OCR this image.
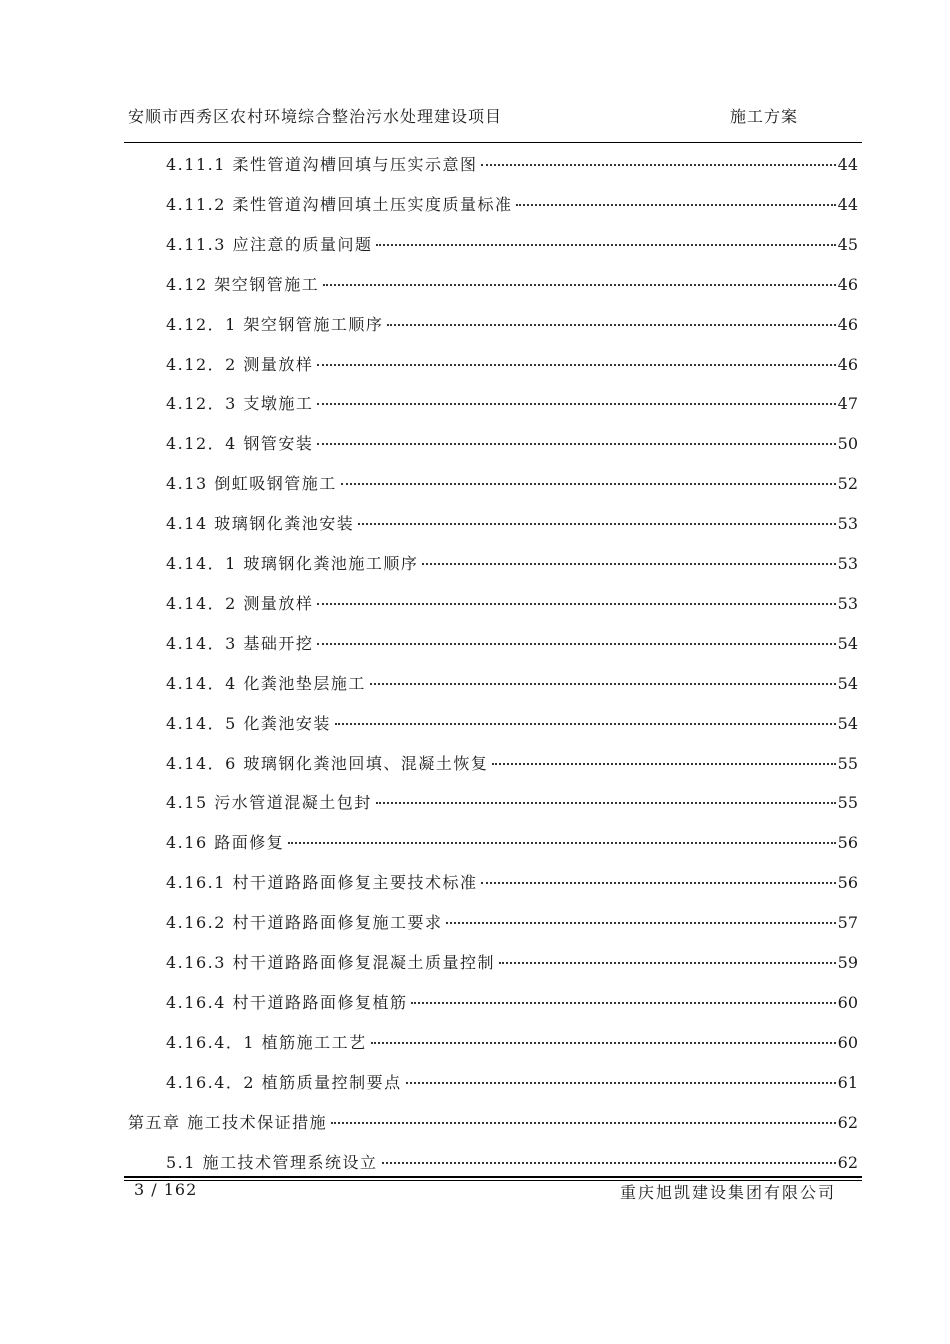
安顺市西秀区农村环境综合整治污水处理建设项目	施工方案
4.11.1 柔性管道沟槽回填与压实示意图	44
4.11.2 柔性管道沟槽回填土压实度质量标准	44
4.11.3 应注意的质量问题	45
4.12 架空钢管施工	46
4.12．1 架空钢管施工顺序	46
4.12．2 测量放样	46
4.12．3 支墩施工	47
4.12．4 钢管安装	50
4.13 倒虹吸钢管施工	52
4.14 玻璃钢化粪池安装	53
4.14．1 玻璃钢化粪池施工顺序	53
4.14．2 测量放样	53
4.14．3 基础开挖	54
4.14．4 化粪池垫层施工	54
4.14．5 化粪池安装	54
4.14．6 玻璃钢化粪池回填、混凝土恢复	55
4.15 污水管道混凝土包封	55
4.16 路面修复	56
4.16.1 村干道路路面修复主要技术标准	56
4.16.2 村干道路路面修复施工要求	57
4.16.3 村干道路路面修复混凝土质量控制	59
4.16.4 村干道路路面修复植筋	60
4.16.4．1 植筋施工工艺	60
4.16.4．2 植筋质量控制要点	61
第五章 施工技术保证措施	62
5.1 施工技术管理系统设立	62
3 / 162	重庆旭凯建设集团有限公司
